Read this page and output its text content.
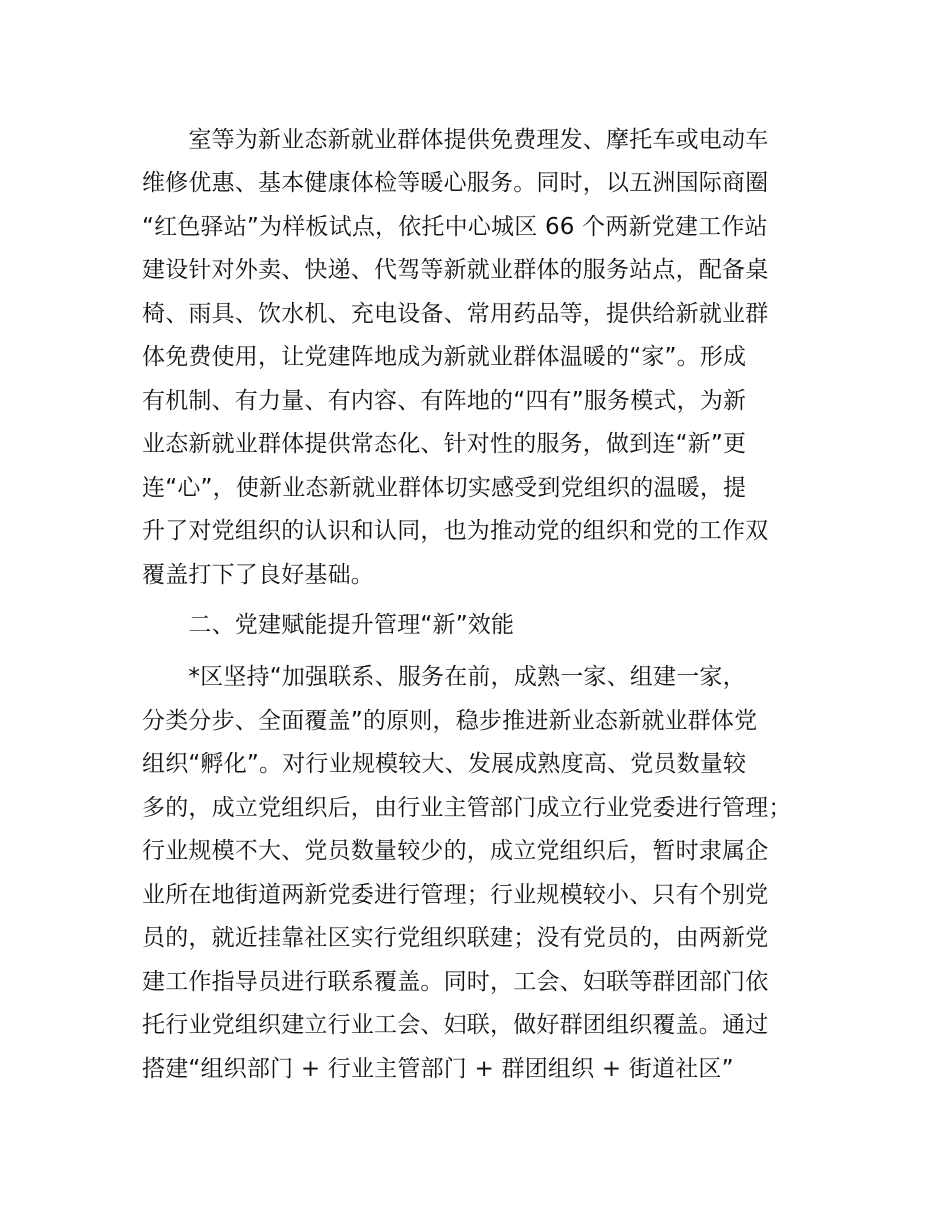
　　室等为新业态新就业群体提供免费理发、摩托车或电动车
维修优惠、基本健康体检等暖心服务。同时，以五洲国际商圈
“红色驿站”为样板试点，依托中心城区 66 个两新党建工作站
建设针对外卖、快递、代驾等新就业群体的服务站点，配备桌
椅、雨具、饮水机、充电设备、常用药品等，提供给新就业群
体免费使用，让党建阵地成为新就业群体温暖的“家”。形成
有机制、有力量、有内容、有阵地的“四有”服务模式，为新
业态新就业群体提供常态化、针对性的服务，做到连“新”更
连“心”，使新业态新就业群体切实感受到党组织的温暖，提
升了对党组织的认识和认同，也为推动党的组织和党的工作双
覆盖打下了良好基础。
　　二、党建赋能提升管理“新”效能
　　*区坚持“加强联系、服务在前，成熟一家、组建一家，
分类分步、全面覆盖”的原则，稳步推进新业态新就业群体党
组织“孵化”。对行业规模较大、发展成熟度高、党员数量较
多的，成立党组织后，由行业主管部门成立行业党委进行管理；
行业规模不大、党员数量较少的，成立党组织后，暂时隶属企
业所在地街道两新党委进行管理；行业规模较小、只有个别党
员的，就近挂靠社区实行党组织联建；没有党员的，由两新党
建工作指导员进行联系覆盖。同时，工会、妇联等群团部门依
托行业党组织建立行业工会、妇联，做好群团组织覆盖。通过
搭建“组织部门 + 行业主管部门 + 群团组织 + 街道社区”
